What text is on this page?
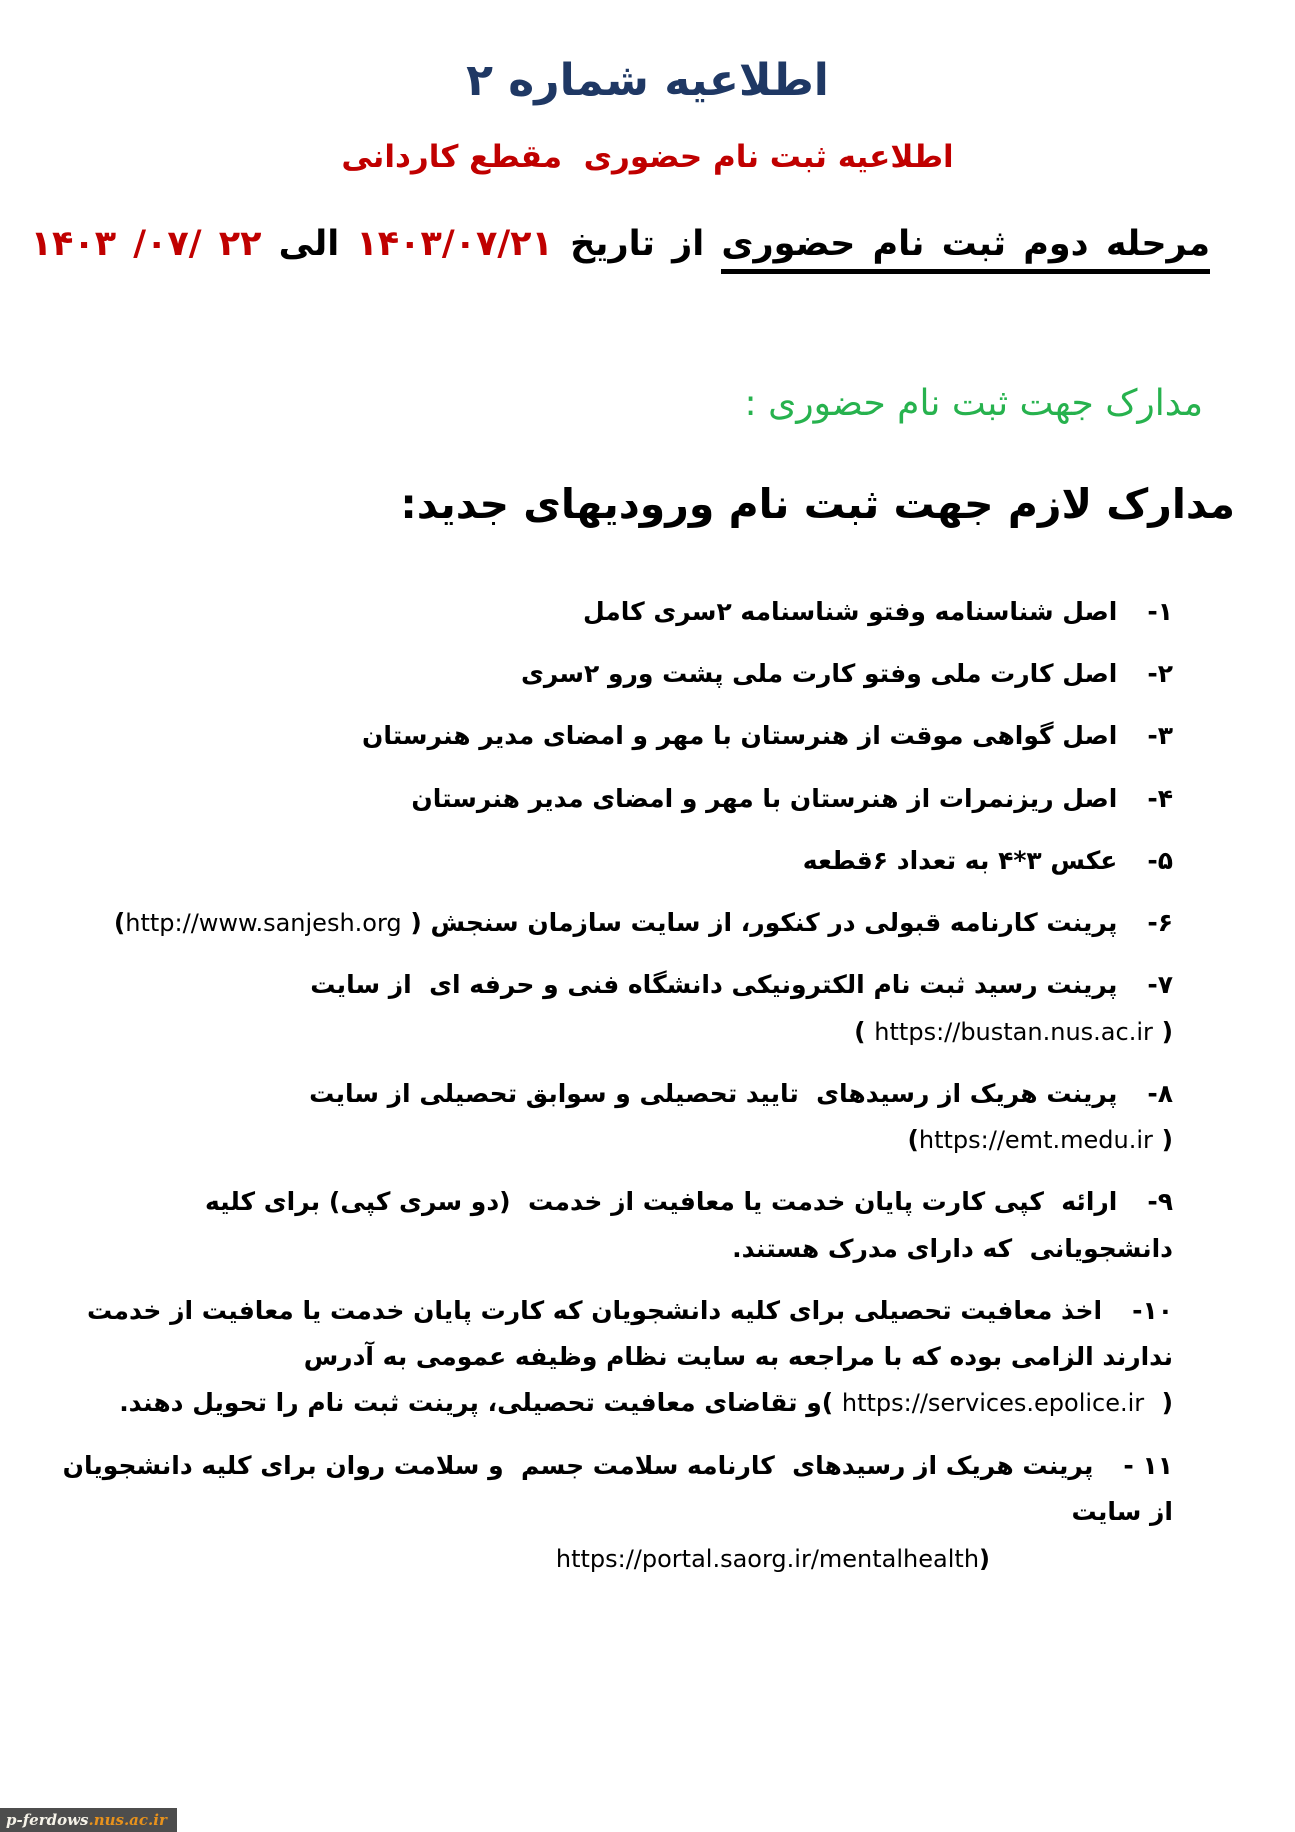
اطلاعیه شماره ۲
اطلاعیه ثبت نام حضوری  مقطع کاردانی

مرحله دوم ثبت نام حضوری از تاریخ ۱۴۰۳/۰۷/۲۱ الی ۲۲ /۰۷/ ۱۴۰۳

مدارک جهت ثبت نام حضوری :

مدارک لازم جهت ثبت نام ورودیهای جدید:
۱-اصل شناسنامه وفتو شناسنامه ۲سری کامل
۲-اصل کارت ملی وفتو کارت ملی پشت ورو ۲سری
۳-اصل گواهی موقت از هنرستان با مهر و امضای مدیر هنرستان
۴-اصل ریزنمرات از هنرستان با مهر و امضای مدیر هنرستان
۵-عکس ۳*۴ به تعداد ۶قطعه
۶-پرینت کارنامه قبولی در کنکور، از سایت سازمان سنجش ( http://www.sanjesh.org)
۷-پرینت رسید ثبت نام الکترونیکی دانشگاه فنی و حرفه ای  از سایت  ( https://bustan.nus.ac.ir )
۸-پرینت هریک از رسیدهای  تایید تحصیلی و سوابق تحصیلی از سایت ( https://emt.medu.ir)
۹-ارائه  کپی کارت پایان خدمت یا معافیت از خدمت  (دو سری کپی) برای کلیه دانشجویانی  که دارای مدرک هستند.
۱۰-اخذ معافیت تحصیلی برای کلیه دانشجویان که کارت پایان خدمت یا معافیت از خدمت ندارند الزامی بوده که با مراجعه به سایت نظام وظیفه عمومی به آدرس (  https://services.epolice.ir )و تقاضای معافیت تحصیلی، پرینت ثبت نام را تحویل دهند.
۱۱ -پرینت هریک از رسیدهای  کارنامه سلامت جسم  و سلامت روان برای کلیه دانشجویان از سایت
https://portal.saorg.ir/mentalhealth)
p-ferdows .nus.ac.ir
